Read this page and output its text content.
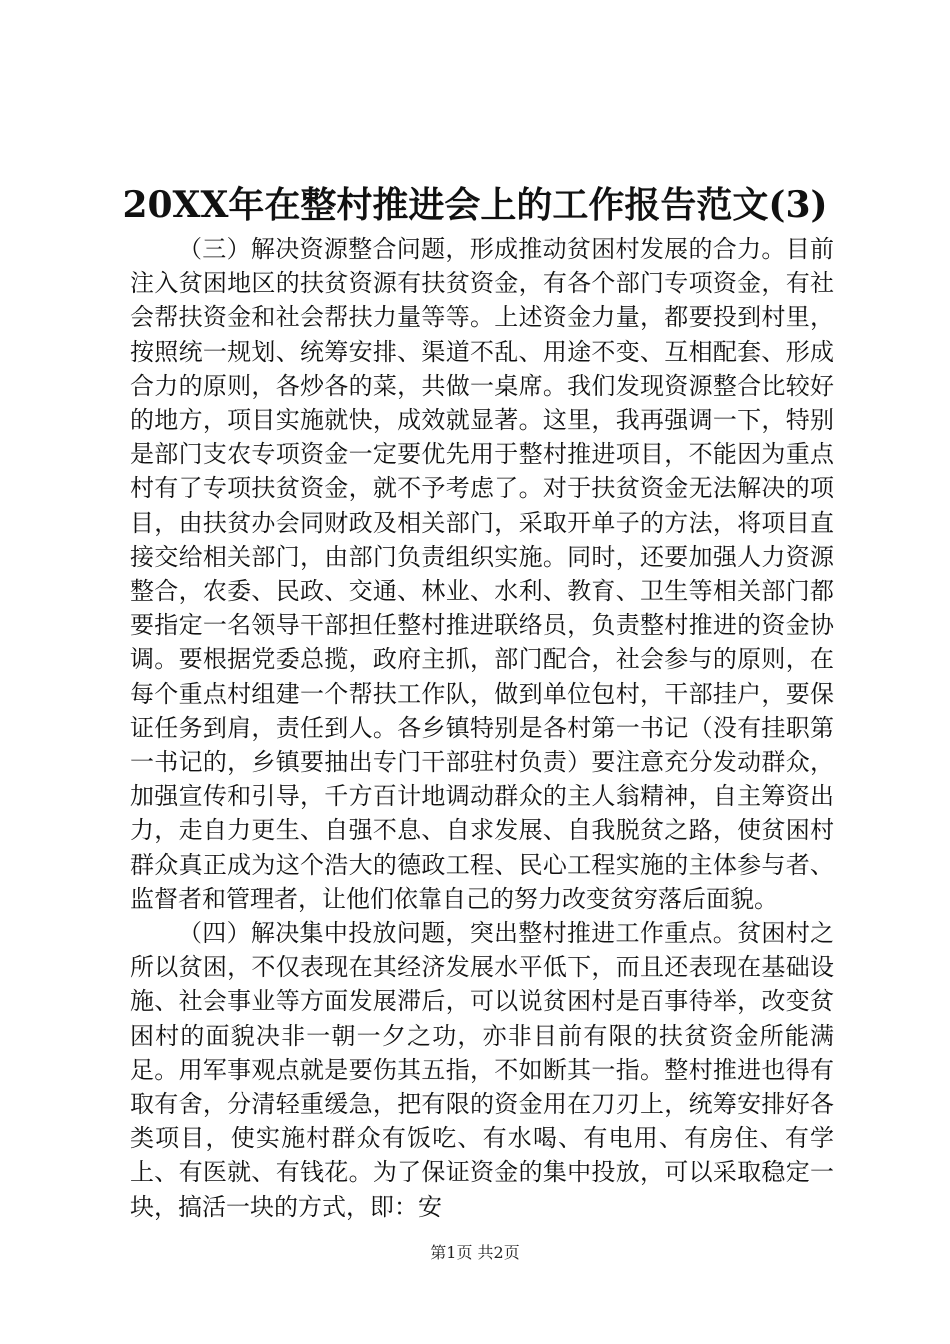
20XX年在整村推进会上的工作报告范文(3)

（三）解决资源整合问题，形成推动贫困村发展的合力。目前注入贫困地区的扶贫资源有扶贫资金，有各个部门专项资金，有社会帮扶资金和社会帮扶力量等等。上述资金力量，都要投到村里，按照统一规划、统筹安排、渠道不乱、用途不变、互相配套、形成合力的原则，各炒各的菜，共做一桌席。我们发现资源整合比较好的地方，项目实施就快，成效就显著。这里，我再强调一下，特别是部门支农专项资金一定要优先用于整村推进项目，不能因为重点村有了专项扶贫资金，就不予考虑了。对于扶贫资金无法解决的项目，由扶贫办会同财政及相关部门，采取开单子的方法，将项目直接交给相关部门，由部门负责组织实施。同时，还要加强人力资源整合，农委、民政、交通、林业、水利、教育、卫生等相关部门都要指定一名领导干部担任整村推进联络员，负责整村推进的资金协调。要根据党委总揽，政府主抓，部门配合，社会参与的原则，在每个重点村组建一个帮扶工作队，做到单位包村，干部挂户，要保证任务到肩，责任到人。各乡镇特别是各村第一书记（没有挂职第一书记的，乡镇要抽出专门干部驻村负责）要注意充分发动群众，加强宣传和引导，千方百计地调动群众的主人翁精神，自主筹资出力，走自力更生、自强不息、自求发展、自我脱贫之路，使贫困村群众真正成为这个浩大的德政工程、民心工程实施的主体参与者、监督者和管理者，让他们依靠自己的努力改变贫穷落后面貌。

（四）解决集中投放问题，突出整村推进工作重点。贫困村之所以贫困，不仅表现在其经济发展水平低下，而且还表现在基础设施、社会事业等方面发展滞后，可以说贫困村是百事待举，改变贫困村的面貌决非一朝一夕之功，亦非目前有限的扶贫资金所能满足。用军事观点就是要伤其五指，不如断其一指。整村推进也得有取有舍，分清轻重缓急，把有限的资金用在刀刃上，统筹安排好各类项目，使实施村群众有饭吃、有水喝、有电用、有房住、有学上、有医就、有钱花。为了保证资金的集中投放，可以采取稳定一块，搞活一块的方式，即：安

第1页 共2页
